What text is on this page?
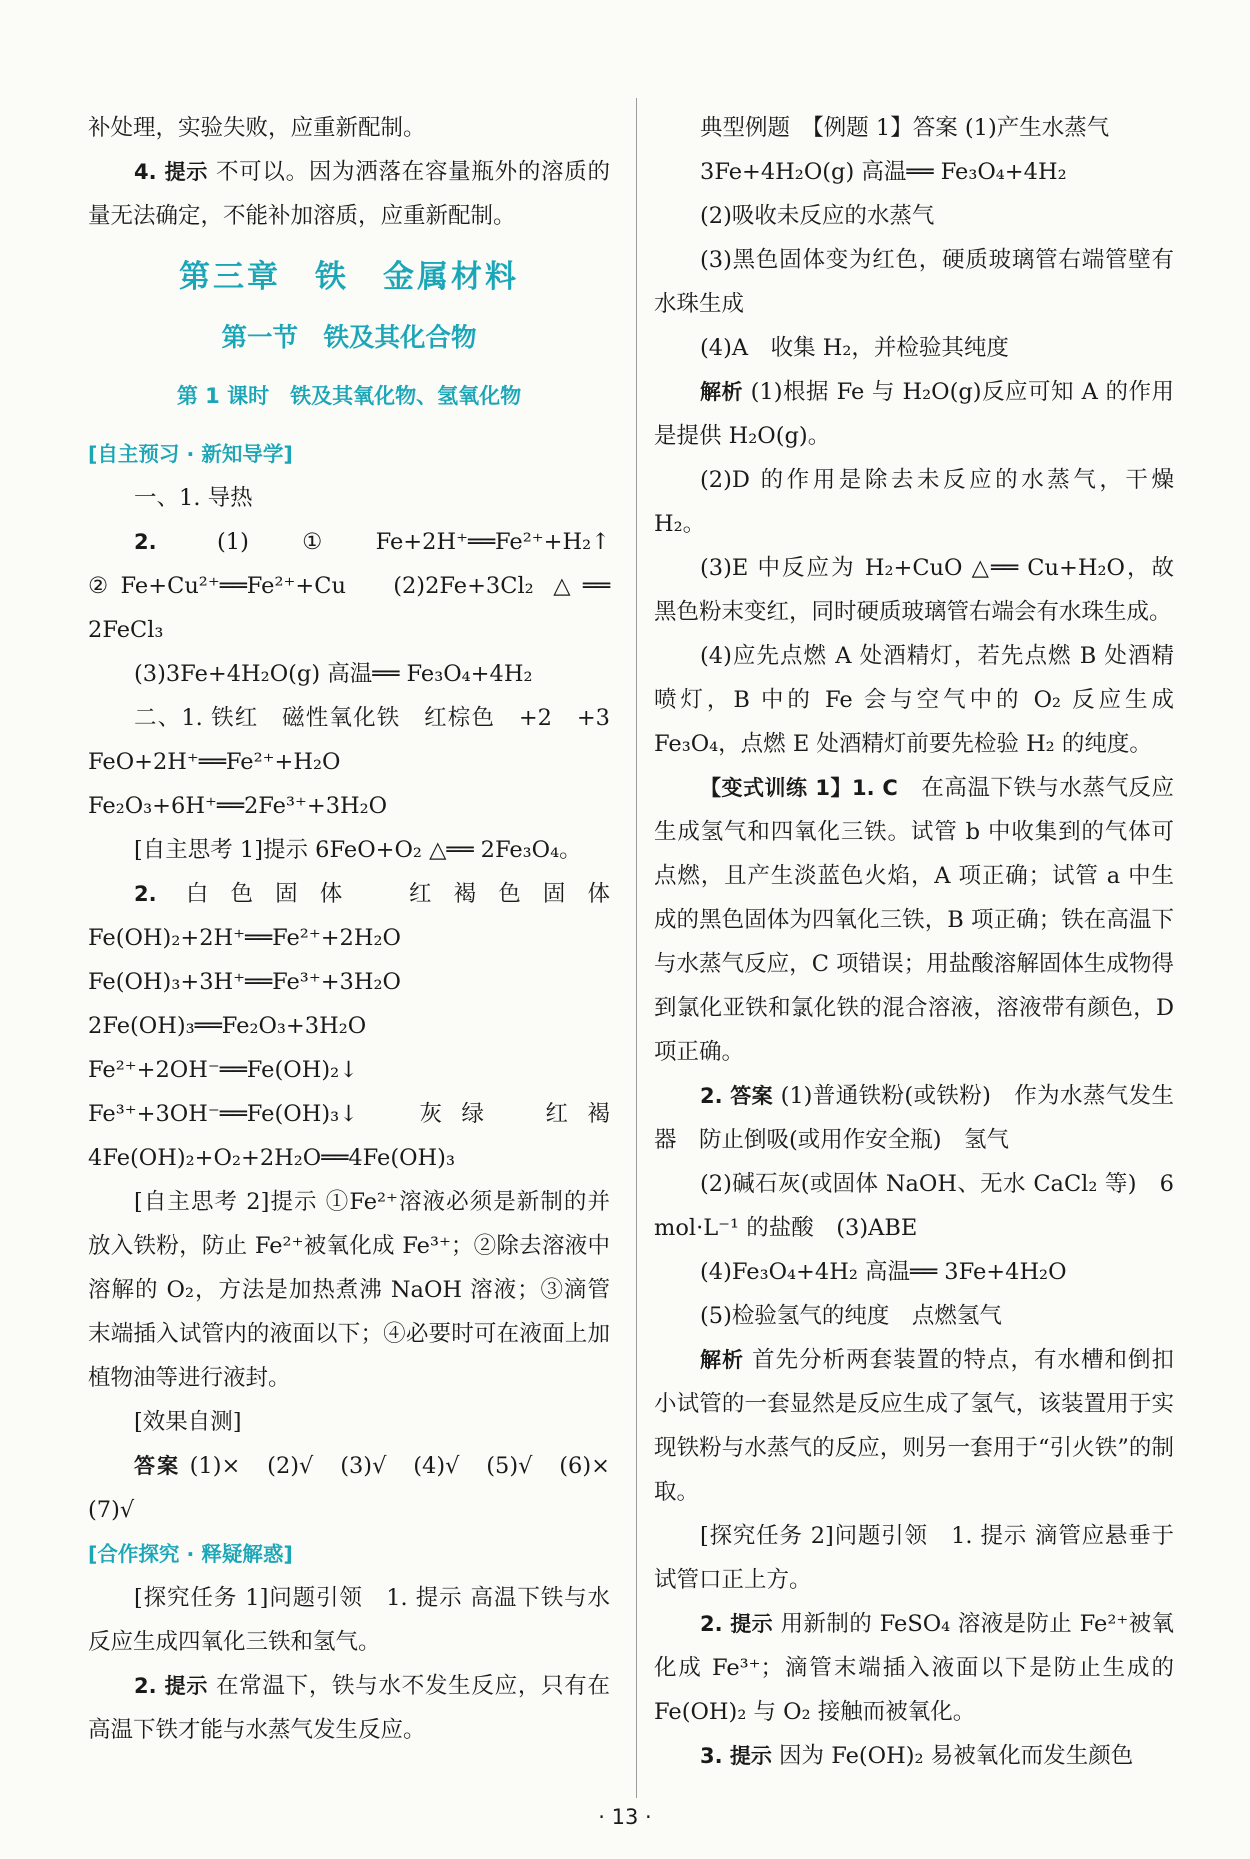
补处理，实验失败，应重新配制。

4. 提示 不可以。因为洒落在容量瓶外的溶质的量无法确定，不能补加溶质，应重新配制。

第三章　铁　金属材料

第一节　铁及其化合物

第 1 课时　铁及其氧化物、氢氧化物

[自主预习 · 新知导学]

一、1. 导热

2. (1)①Fe+2H⁺══Fe²⁺+H₂↑　②Fe+Cu²⁺══Fe²⁺+Cu　(2)2Fe+3Cl₂ △══ 2FeCl₃

(3)3Fe+4H₂O(g) 高温══ Fe₃O₄+4H₂

二、1. 铁红　磁性氧化铁　红棕色　+2　+3　FeO+2H⁺══Fe²⁺+H₂O　Fe₂O₃+6H⁺══2Fe³⁺+3H₂O

[自主思考 1]提示 6FeO+O₂ △══ 2Fe₃O₄。

2. 白色固体　红褐色固体　Fe(OH)₂+2H⁺══Fe²⁺+2H₂O　Fe(OH)₃+3H⁺══Fe³⁺+3H₂O　2Fe(OH)₃══Fe₂O₃+3H₂O　Fe²⁺+2OH⁻══Fe(OH)₂↓　Fe³⁺+3OH⁻══Fe(OH)₃↓　灰绿　红褐　4Fe(OH)₂+O₂+2H₂O══4Fe(OH)₃

[自主思考 2]提示 ①Fe²⁺溶液必须是新制的并放入铁粉，防止 Fe²⁺被氧化成 Fe³⁺；②除去溶液中溶解的 O₂，方法是加热煮沸 NaOH 溶液；③滴管末端插入试管内的液面以下；④必要时可在液面上加植物油等进行液封。

[效果自测]

答案 (1)×　(2)√　(3)√　(4)√　(5)√　(6)×　(7)√

[合作探究 · 释疑解惑]

[探究任务 1]问题引领　1. 提示 高温下铁与水反应生成四氧化三铁和氢气。

2. 提示 在常温下，铁与水不发生反应，只有在高温下铁才能与水蒸气发生反应。

典型例题　【例题 1】答案 (1)产生水蒸气

3Fe+4H₂O(g) 高温══ Fe₃O₄+4H₂

(2)吸收未反应的水蒸气

(3)黑色固体变为红色，硬质玻璃管右端管壁有水珠生成

(4)A　收集 H₂，并检验其纯度

解析 (1)根据 Fe 与 H₂O(g)反应可知 A 的作用是提供 H₂O(g)。

(2)D 的作用是除去未反应的水蒸气，干燥 H₂。

(3)E 中反应为 H₂+CuO △══ Cu+H₂O，故黑色粉末变红，同时硬质玻璃管右端会有水珠生成。

(4)应先点燃 A 处酒精灯，若先点燃 B 处酒精喷灯，B 中的 Fe 会与空气中的 O₂ 反应生成 Fe₃O₄，点燃 E 处酒精灯前要先检验 H₂ 的纯度。

【变式训练 1】1. C　在高温下铁与水蒸气反应生成氢气和四氧化三铁。试管 b 中收集到的气体可点燃，且产生淡蓝色火焰，A 项正确；试管 a 中生成的黑色固体为四氧化三铁，B 项正确；铁在高温下与水蒸气反应，C 项错误；用盐酸溶解固体生成物得到氯化亚铁和氯化铁的混合溶液，溶液带有颜色，D 项正确。

2. 答案 (1)普通铁粉(或铁粉)　作为水蒸气发生器　防止倒吸(或用作安全瓶)　氢气

(2)碱石灰(或固体 NaOH、无水 CaCl₂ 等)　6 mol·L⁻¹ 的盐酸　(3)ABE

(4)Fe₃O₄+4H₂ 高温══ 3Fe+4H₂O

(5)检验氢气的纯度　点燃氢气

解析 首先分析两套装置的特点，有水槽和倒扣小试管的一套显然是反应生成了氢气，该装置用于实现铁粉与水蒸气的反应，则另一套用于“引火铁”的制取。

[探究任务 2]问题引领　1. 提示 滴管应悬垂于试管口正上方。

2. 提示 用新制的 FeSO₄ 溶液是防止 Fe²⁺被氧化成 Fe³⁺；滴管末端插入液面以下是防止生成的 Fe(OH)₂ 与 O₂ 接触而被氧化。

3. 提示 因为 Fe(OH)₂ 易被氧化而发生颜色

· 13 ·
